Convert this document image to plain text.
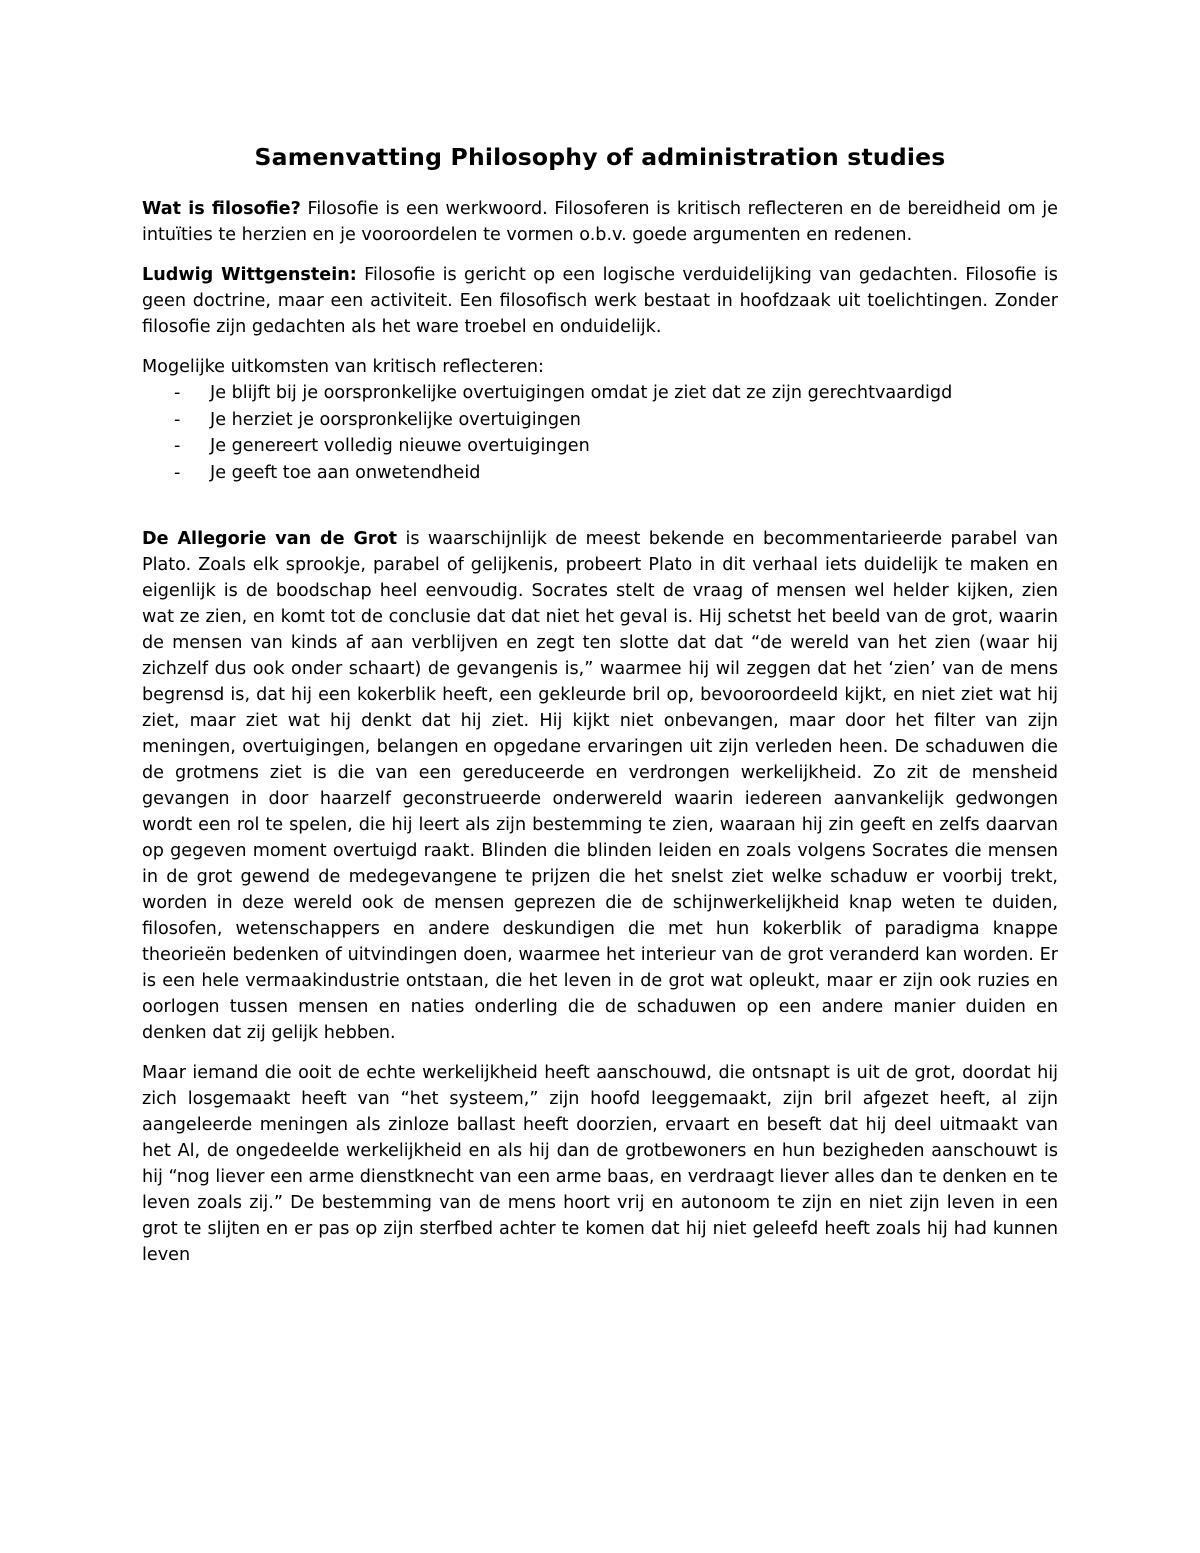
Samenvatting Philosophy of administration studies

Wat is filosofie? Filosofie is een werkwoord. Filosoferen is kritisch reflecteren en de bereidheid om je intuïties te herzien en je vooroordelen te vormen o.b.v. goede argumenten en redenen.

Ludwig Wittgenstein: Filosofie is gericht op een logische verduidelijking van gedachten. Filosofie is geen doctrine, maar een activiteit. Een filosofisch werk bestaat in hoofdzaak uit toelichtingen. Zonder filosofie zijn gedachten als het ware troebel en onduidelijk.

Mogelijke uitkomsten van kritisch reflecteren:

- Je blijft bij je oorspronkelijke overtuigingen omdat je ziet dat ze zijn gerechtvaardigd
- Je herziet je oorspronkelijke overtuigingen
- Je genereert volledig nieuwe overtuigingen
- Je geeft toe aan onwetendheid

De Allegorie van de Grot is waarschijnlijk de meest bekende en becommentarieerde parabel van Plato. Zoals elk sprookje, parabel of gelijkenis, probeert Plato in dit verhaal iets duidelijk te maken en eigenlijk is de boodschap heel eenvoudig. Socrates stelt de vraag of mensen wel helder kijken, zien wat ze zien, en komt tot de conclusie dat dat niet het geval is. Hij schetst het beeld van de grot, waarin de mensen van kinds af aan verblijven en zegt ten slotte dat dat “de wereld van het zien (waar hij zichzelf dus ook onder schaart) de gevangenis is,” waarmee hij wil zeggen dat het ‘zien’ van de mens begrensd is, dat hij een kokerblik heeft, een gekleurde bril op, bevooroordeeld kijkt, en niet ziet wat hij ziet, maar ziet wat hij denkt dat hij ziet. Hij kijkt niet onbevangen, maar door het filter van zijn meningen, overtuigingen, belangen en opgedane ervaringen uit zijn verleden heen. De schaduwen die de grotmens ziet is die van een gereduceerde en verdrongen werkelijkheid. Zo zit de mensheid gevangen in door haarzelf geconstrueerde onderwereld waarin iedereen aanvankelijk gedwongen wordt een rol te spelen, die hij leert als zijn bestemming te zien, waaraan hij zin geeft en zelfs daarvan op gegeven moment overtuigd raakt. Blinden die blinden leiden en zoals volgens Socrates die mensen in de grot gewend de medegevangene te prijzen die het snelst ziet welke schaduw er voorbij trekt, worden in deze wereld ook de mensen geprezen die de schijnwerkelijkheid knap weten te duiden, filosofen, wetenschappers en andere deskundigen die met hun kokerblik of paradigma knappe theorieën bedenken of uitvindingen doen, waarmee het interieur van de grot veranderd kan worden. Er is een hele vermaakindustrie ontstaan, die het leven in de grot wat opleukt, maar er zijn ook ruzies en oorlogen tussen mensen en naties onderling die de schaduwen op een andere manier duiden en denken dat zij gelijk hebben.

Maar iemand die ooit de echte werkelijkheid heeft aanschouwd, die ontsnapt is uit de grot, doordat hij zich losgemaakt heeft van “het systeem,” zijn hoofd leeggemaakt, zijn bril afgezet heeft, al zijn aangeleerde meningen als zinloze ballast heeft doorzien, ervaart en beseft dat hij deel uitmaakt van het Al, de ongedeelde werkelijkheid en als hij dan de grotbewoners en hun bezigheden aanschouwt is hij “nog liever een arme dienstknecht van een arme baas, en verdraagt liever alles dan te denken en te leven zoals zij.” De bestemming van de mens hoort vrij en autonoom te zijn en niet zijn leven in een grot te slijten en er pas op zijn sterfbed achter te komen dat hij niet geleefd heeft zoals hij had kunnen leven
